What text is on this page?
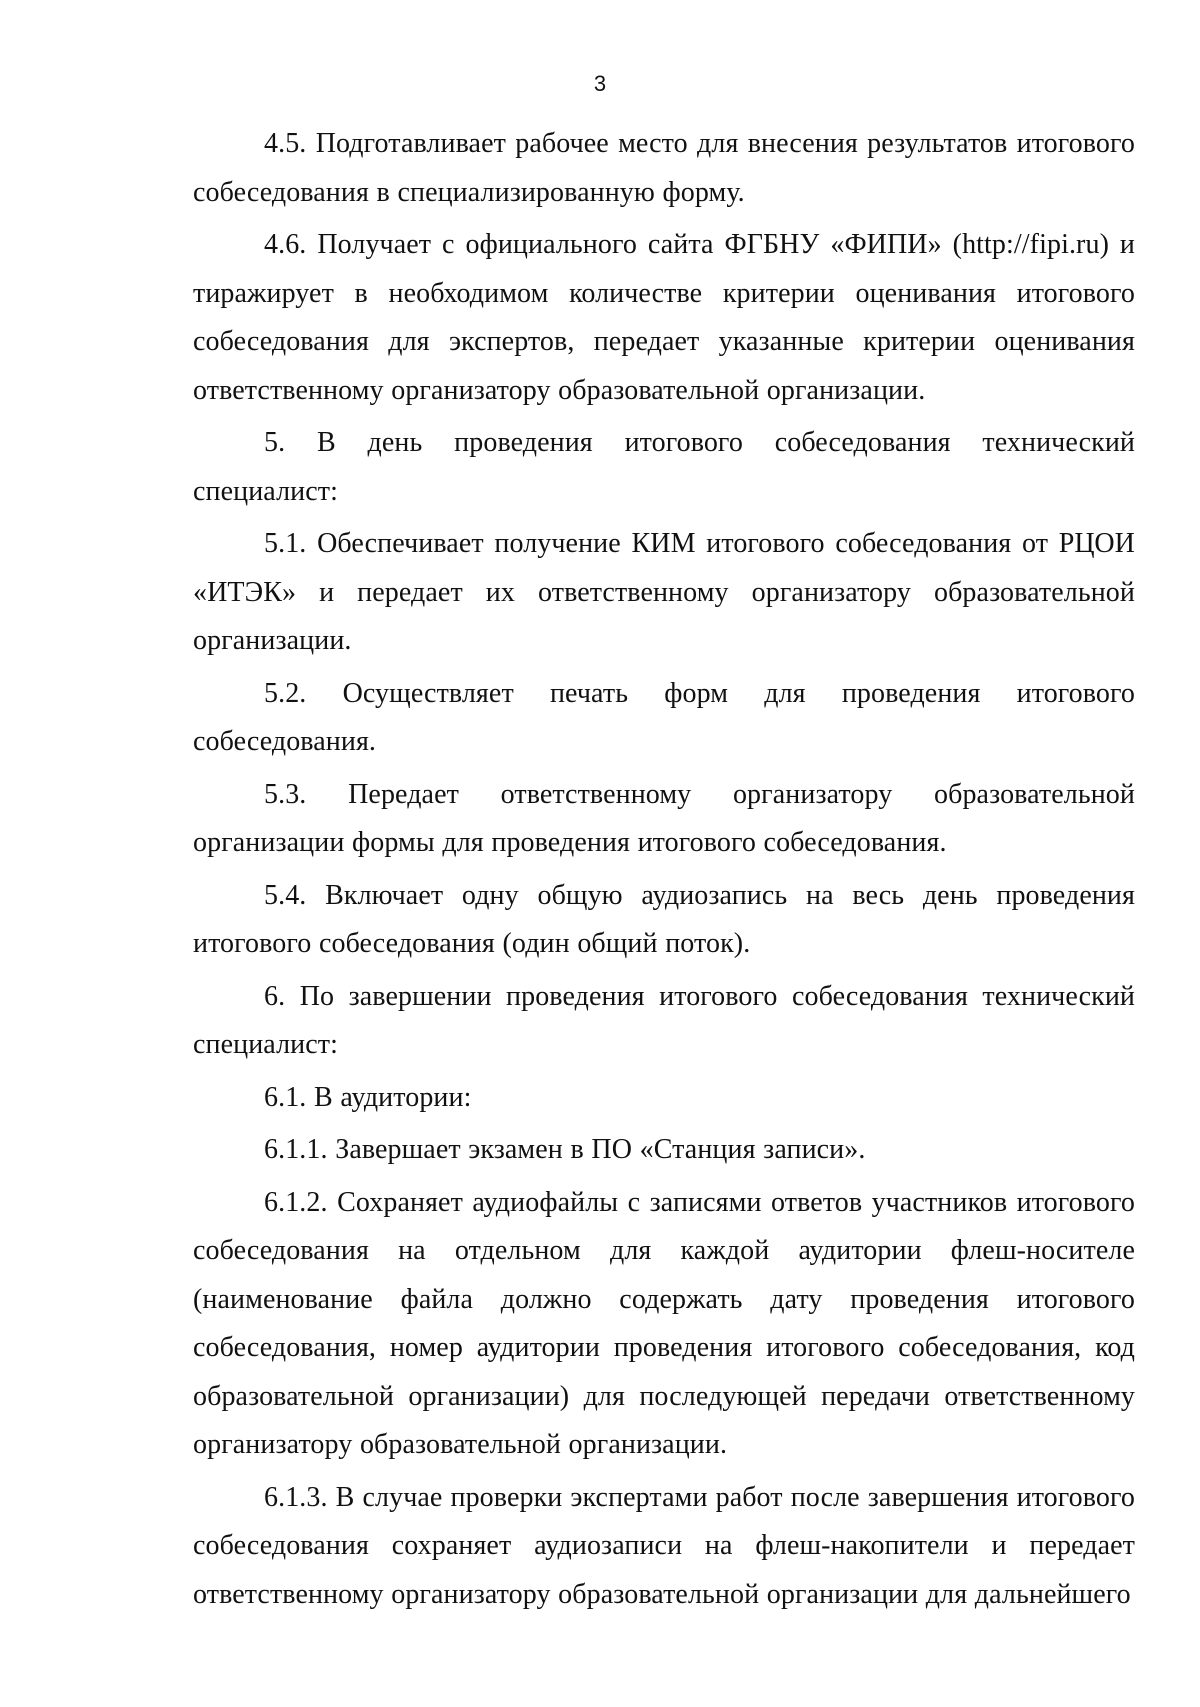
3

4.5. Подготавливает рабочее место для внесения результатов итогового собеседования в специализированную форму.

4.6. Получает с официального сайта ФГБНУ «ФИПИ» (http://fipi.ru) и тиражирует в необходимом количестве критерии оценивания итогового собеседования для экспертов, передает указанные критерии оценивания ответственному организатору образовательной организации.

5. В день проведения итогового собеседования технический специалист:

5.1. Обеспечивает получение КИМ итогового собеседования от РЦОИ «ИТЭК» и передает их ответственному организатору образовательной организации.

5.2. Осуществляет печать форм для проведения итогового собеседования.

5.3. Передает ответственному организатору образовательной организации формы для проведения итогового собеседования.

5.4. Включает одну общую аудиозапись на весь день проведения итогового собеседования (один общий поток).

6. По завершении проведения итогового собеседования технический специалист:

6.1. В аудитории:

6.1.1. Завершает экзамен в ПО «Станция записи».

6.1.2. Сохраняет аудиофайлы с записями ответов участников итогового собеседования на отдельном для каждой аудитории флеш-носителе (наименование файла должно содержать дату проведения итогового собеседования, номер аудитории проведения итогового собеседования, код образовательной организации) для последующей передачи ответственному организатору образовательной организации.

6.1.3. В случае проверки экспертами работ после завершения итогового собеседования сохраняет аудиозаписи на флеш-накопители и передает ответственному организатору образовательной организации для дальнейшего
